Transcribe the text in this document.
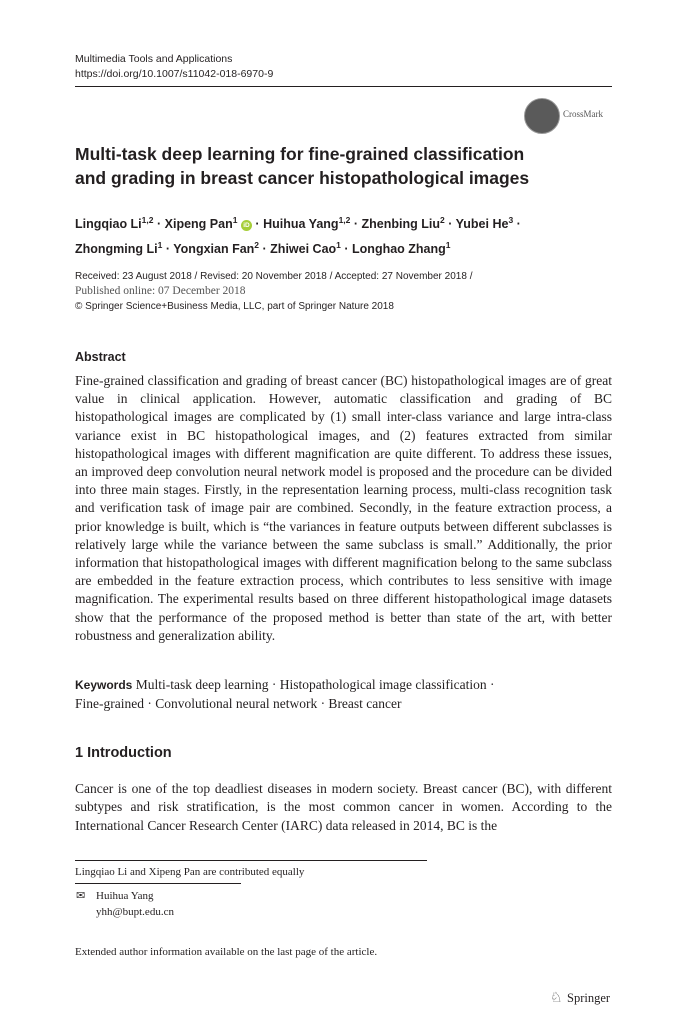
Multimedia Tools and Applications
https://doi.org/10.1007/s11042-018-6970-9
CrossMark
Multi-task deep learning for fine-grained classification
and grading in breast cancer histopathological images
Lingqiao Li$^{1,2}$ · Xipeng Pan$^1$ iD · Huihua Yang$^{1,2}$ · Zhenbing Liu$^2$ · Yubei $He^3$ ·
Zhongming $Li^1$ · Yongxian Fan$^2$ · Zhiwei Cao$^1$ · Longhao Zhang$^1$
Received: 23 August 2018 / Revised: 20 November 2018 / Accepted: 27 November 2018 /
Published online: 07 December 2018
© Springer Science+Business Media, LLC, part of Springer Nature 2018
Abstract
Fine-grained classification and grading of breast cancer (BC) histopathological images are of great value in clinical application. However, automatic classification and grading of BC histopathological images are complicated by (1) small inter-class variance and large intra-class variance exist in BC histopathological images, and (2) features extracted from similar histopathological images with different magnification are quite different. To address these issues, an improved deep convolution neural network model is proposed and the procedure can be divided into three main stages. Firstly, in the representation learning process, multi-class recognition task and verification task of image pair are combined. Secondly, in the feature extraction process, a prior knowledge is built, which is “the variances in feature outputs between different subclasses is relatively large while the variance between the same subclass is small.” Additionally, the prior information that histopathological images with different magnification belong to the same subclass are embedded in the feature extraction process, which contributes to less sensitive with image magnification. The experimental results based on three different histopathological image datasets show that the performance of the proposed method is better than state of the art, with better robustness and generalization ability.
Keywords Multi-task deep learning · Histopathological image classification ·
Fine-grained · Convolutional neural network · Breast cancer
1 Introduction
Cancer is one of the top deadliest diseases in modern society. Breast cancer (BC), with different subtypes and risk stratification, is the most common cancer in women. According to the International Cancer Research Center (IARC) data released in 2014, BC is the
Lingqiao Li and Xipeng Pan are contributed equally
✉ Huihua Yang
yhh@bupt.edu.cn
Extended author information available on the last page of the article.
♘ Springer
